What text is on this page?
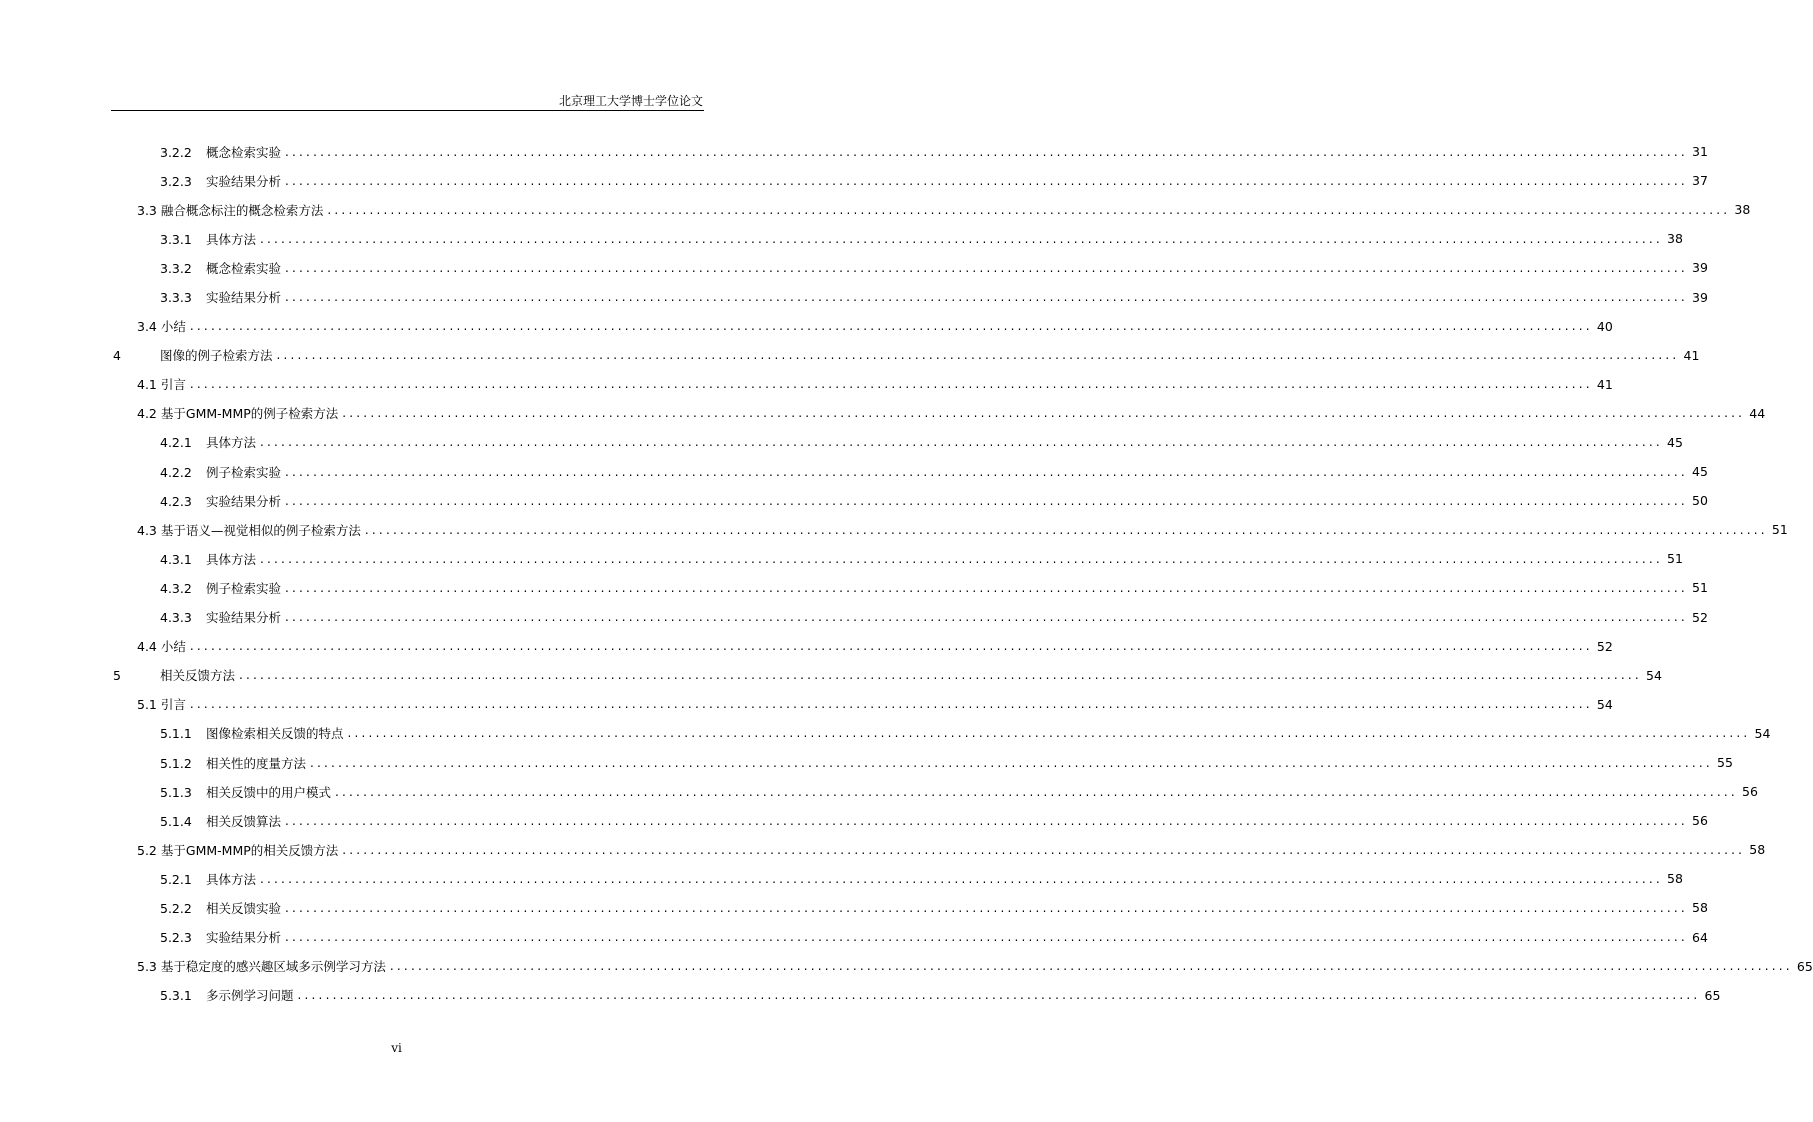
北京理工大学博士学位论文
3.2.2 概念检索实验 ........................................................................................................................................................................................................ 31
3.2.3 实验结果分析 ........................................................................................................................................................................................................ 37
3.3 融合概念标注的概念检索方法 ........................................................................................................................................................................................................ 38
3.3.1 具体方法 ........................................................................................................................................................................................................ 38
3.3.2 概念检索实验 ........................................................................................................................................................................................................ 39
3.3.3 实验结果分析 ........................................................................................................................................................................................................ 39
3.4 小结 ........................................................................................................................................................................................................ 40
4	图像的例子检索方法 ........................................................................................................................................................................................................ 41
4.1 引言 ........................................................................................................................................................................................................ 41
4.2 基于GMM-MMP的例子检索方法 ........................................................................................................................................................................................................ 44
4.2.1 具体方法 ........................................................................................................................................................................................................ 45
4.2.2 例子检索实验 ........................................................................................................................................................................................................ 45
4.2.3 实验结果分析 ........................................................................................................................................................................................................ 50
4.3 基于语义—视觉相似的例子检索方法 ........................................................................................................................................................................................................ 51
4.3.1 具体方法 ........................................................................................................................................................................................................ 51
4.3.2 例子检索实验 ........................................................................................................................................................................................................ 51
4.3.3 实验结果分析 ........................................................................................................................................................................................................ 52
4.4 小结 ........................................................................................................................................................................................................ 52
5	相关反馈方法 ........................................................................................................................................................................................................ 54
5.1 引言 ........................................................................................................................................................................................................ 54
5.1.1 图像检索相关反馈的特点 ........................................................................................................................................................................................................ 54
5.1.2 相关性的度量方法 ........................................................................................................................................................................................................ 55
5.1.3 相关反馈中的用户模式 ........................................................................................................................................................................................................ 56
5.1.4 相关反馈算法 ........................................................................................................................................................................................................ 56
5.2 基于GMM-MMP的相关反馈方法 ........................................................................................................................................................................................................ 58
5.2.1 具体方法 ........................................................................................................................................................................................................ 58
5.2.2 相关反馈实验 ........................................................................................................................................................................................................ 58
5.2.3 实验结果分析 ........................................................................................................................................................................................................ 64
5.3 基于稳定度的感兴趣区域多示例学习方法 ........................................................................................................................................................................................................ 65
5.3.1 多示例学习问题 ........................................................................................................................................................................................................ 65
vi
